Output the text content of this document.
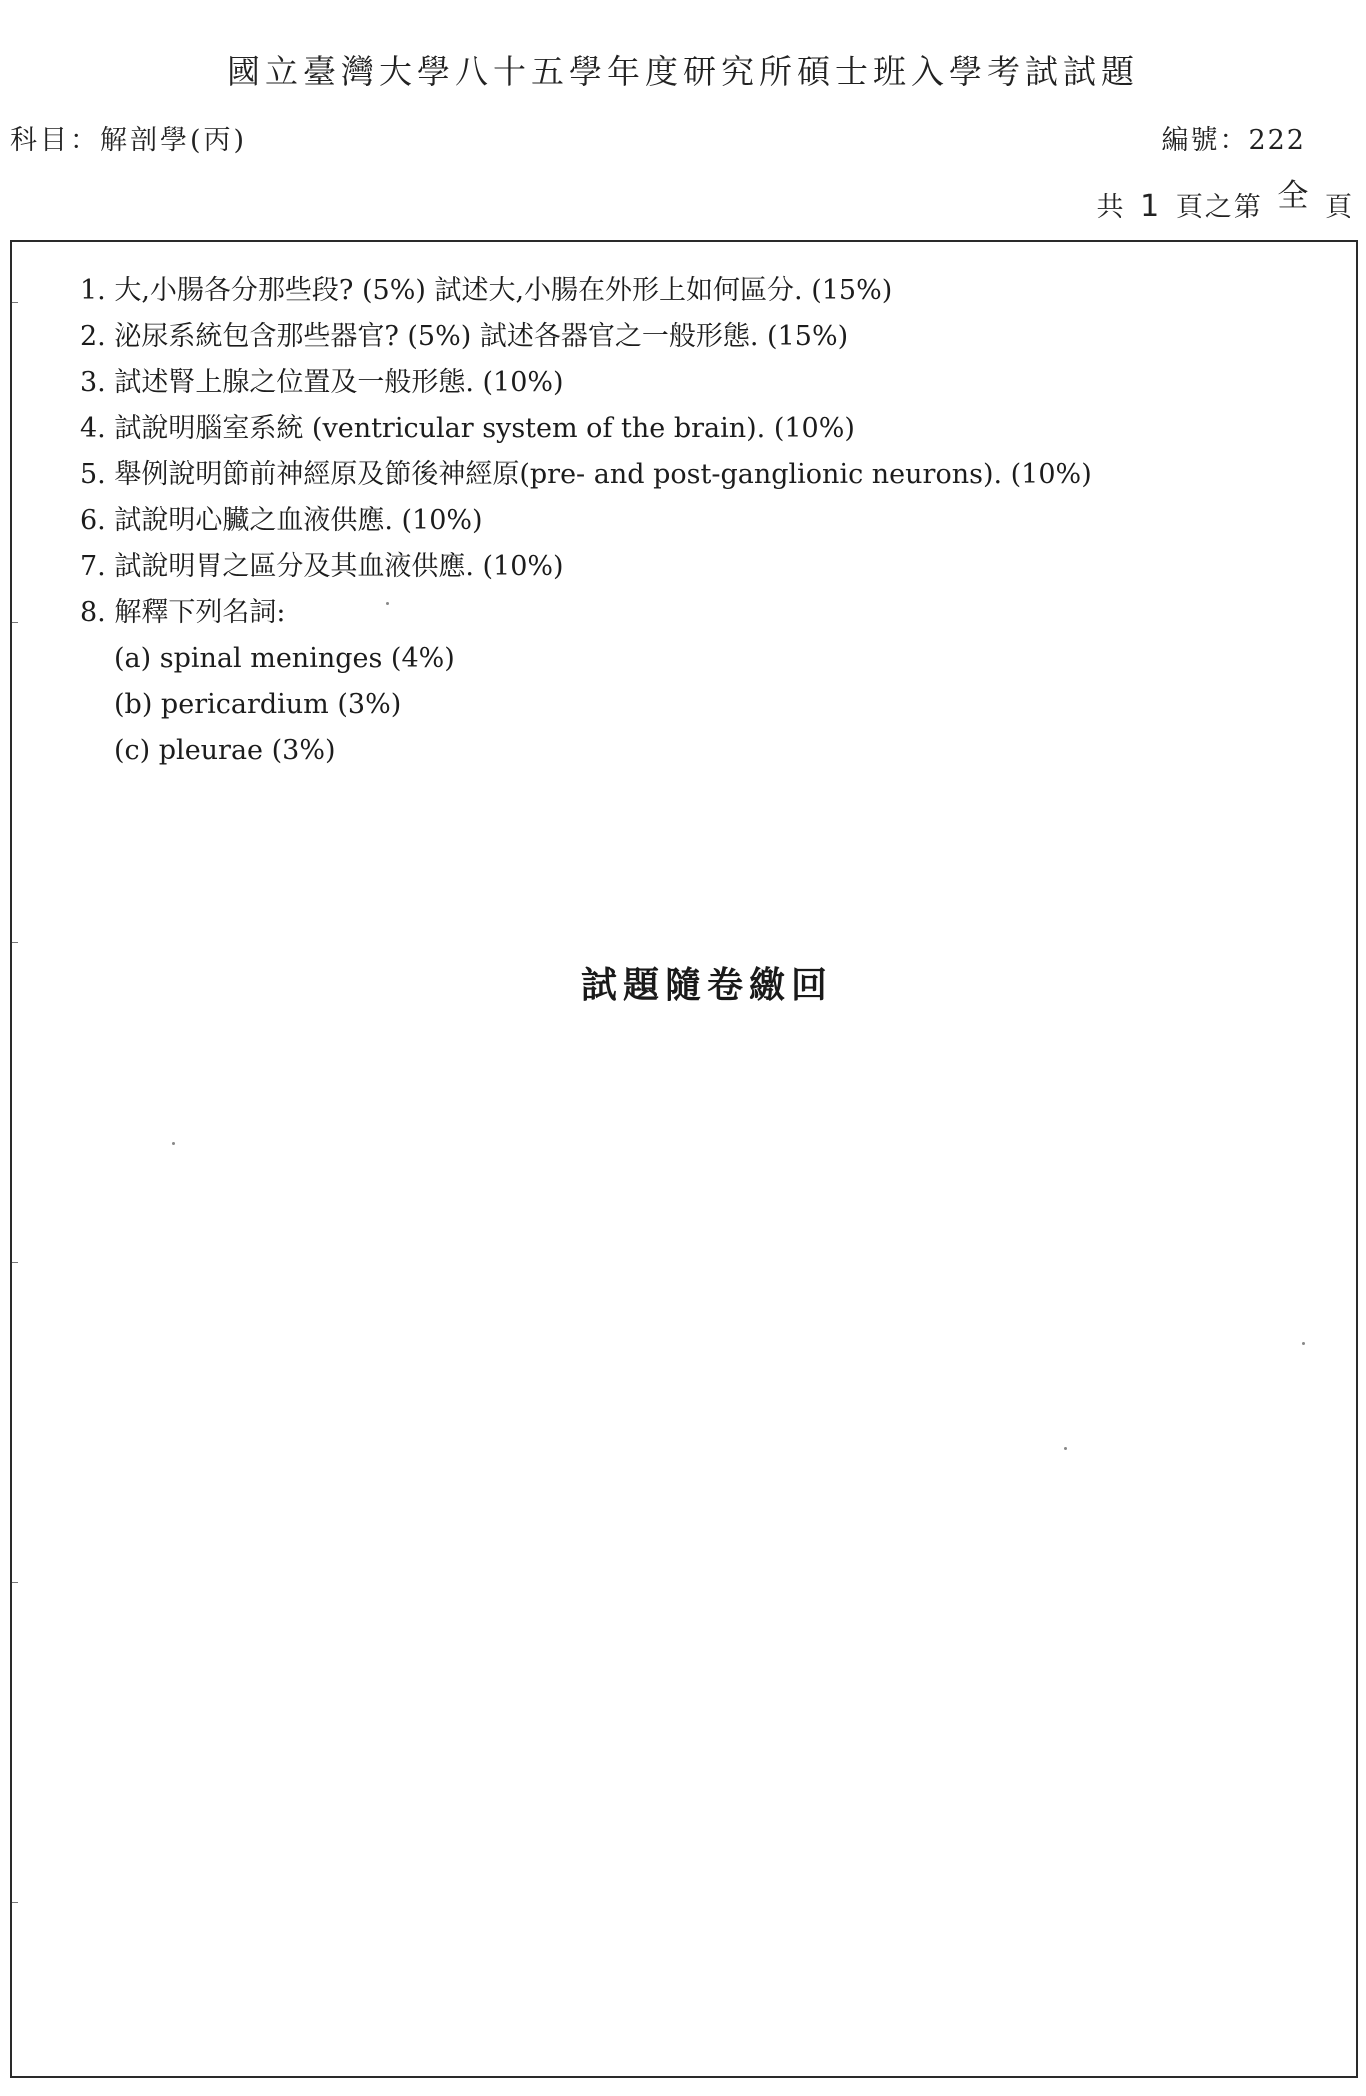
國立臺灣大學八十五學年度研究所碩士班入學考試試題
科目：解剖學(丙)	編號：222
共 1 頁之第 全 頁
1. 大,小腸各分那些段? (5%) 試述大,小腸在外形上如何區分. (15%)
2. 泌尿系統包含那些器官? (5%) 試述各器官之一般形態. (15%)
3. 試述腎上腺之位置及一般形態. (10%)
4. 試說明腦室系統 (ventricular system of the brain). (10%)
5. 舉例說明節前神經原及節後神經原(pre- and post-ganglionic neurons). (10%)
6. 試說明心臟之血液供應. (10%)
7. 試說明胃之區分及其血液供應. (10%)
8. 解釋下列名詞:
(a) spinal meninges (4%)
(b) pericardium (3%)
(c) pleurae (3%)
試題隨卷繳回
